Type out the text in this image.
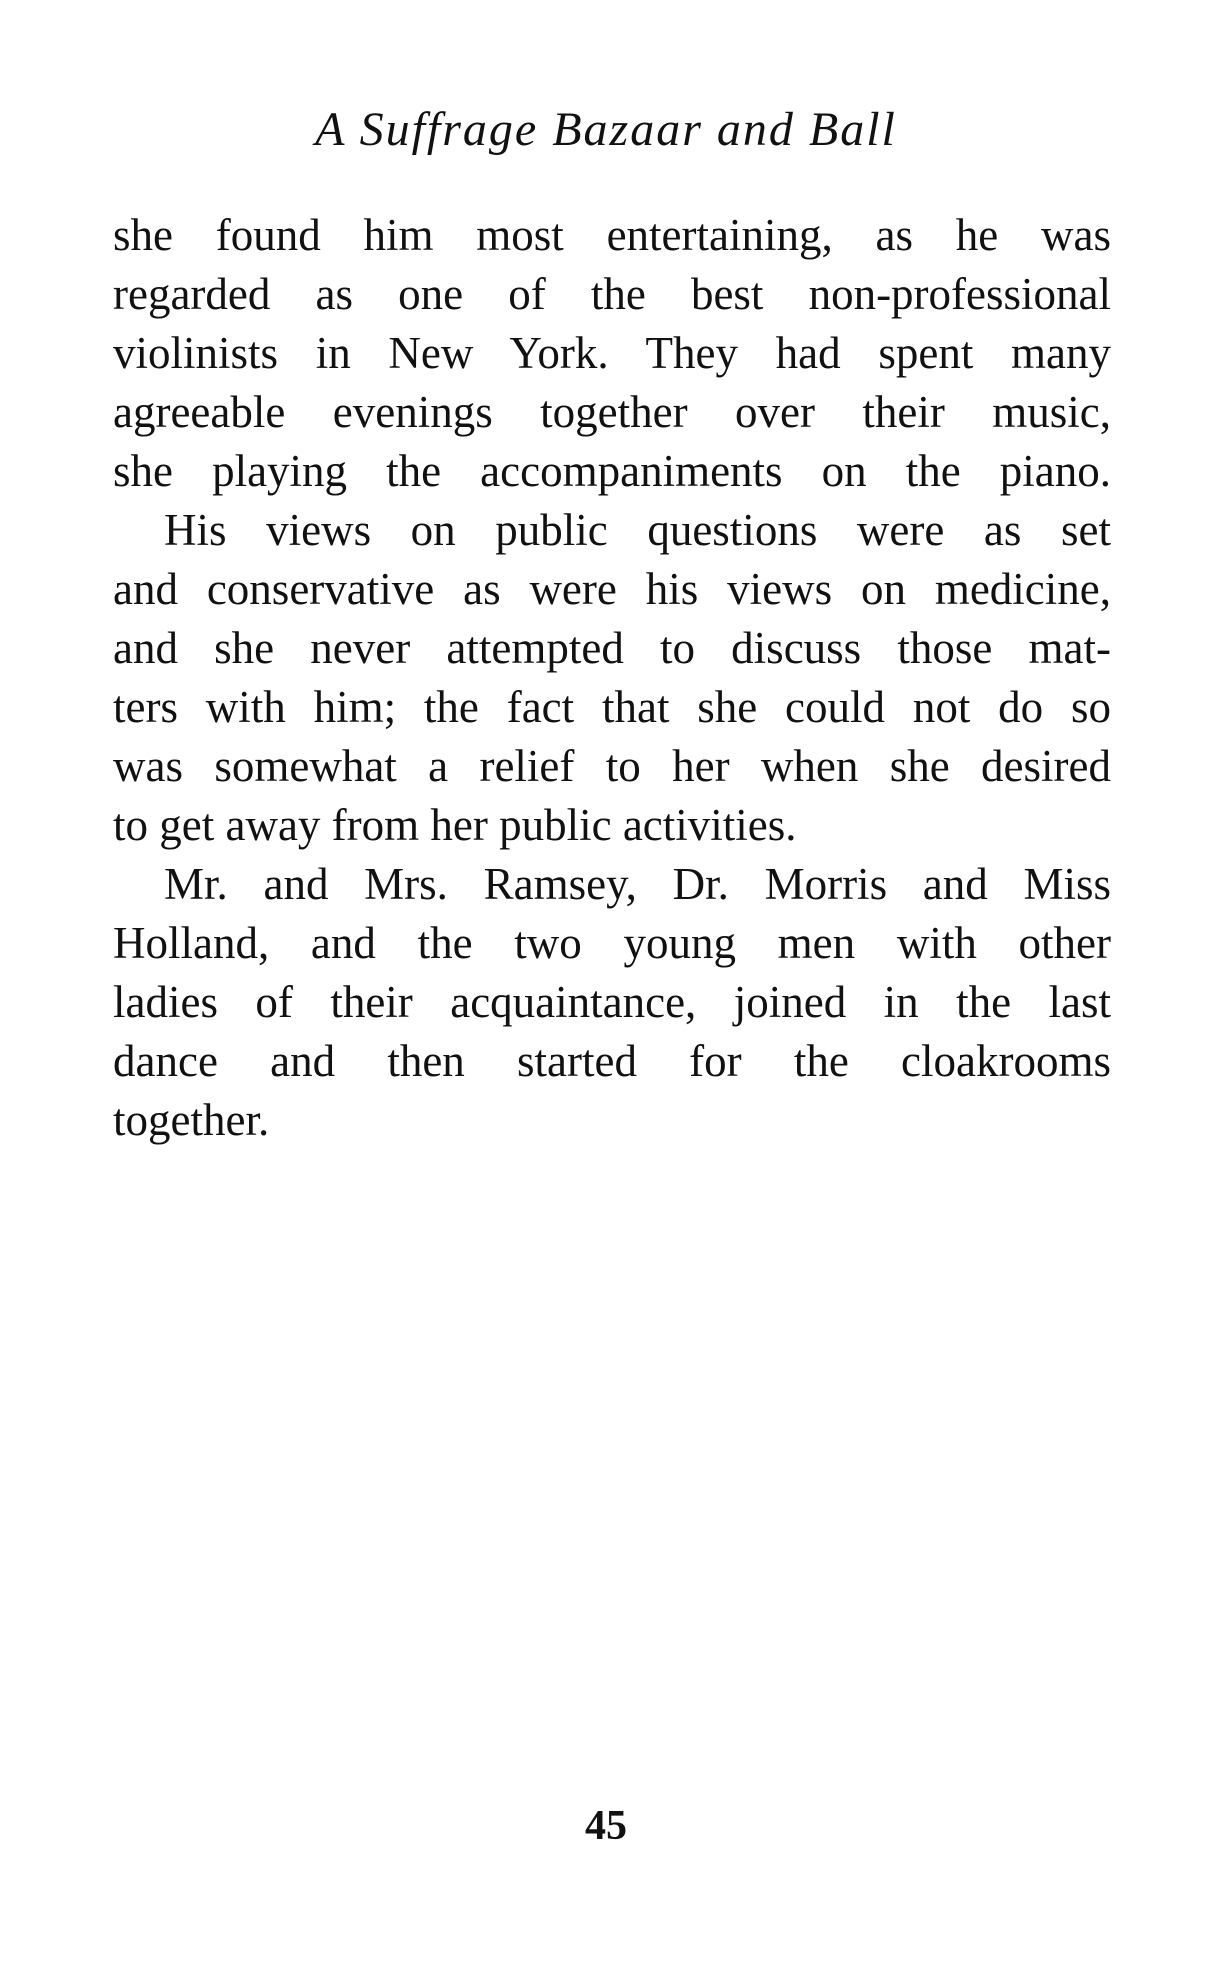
A Suffrage Bazaar and Ball
she found him most entertaining, as he was
regarded as one of the best non-professional
violinists in New York. They had spent many
agreeable evenings together over their music,
she playing the accompaniments on the piano.
His views on public questions were as set
and conservative as were his views on medicine,
and she never attempted to discuss those mat-
ters with him; the fact that she could not do so
was somewhat a relief to her when she desired
to get away from her public activities.
Mr. and Mrs. Ramsey, Dr. Morris and Miss
Holland, and the two young men with other
ladies of their acquaintance, joined in the last
dance and then started for the cloakrooms
together.
45
